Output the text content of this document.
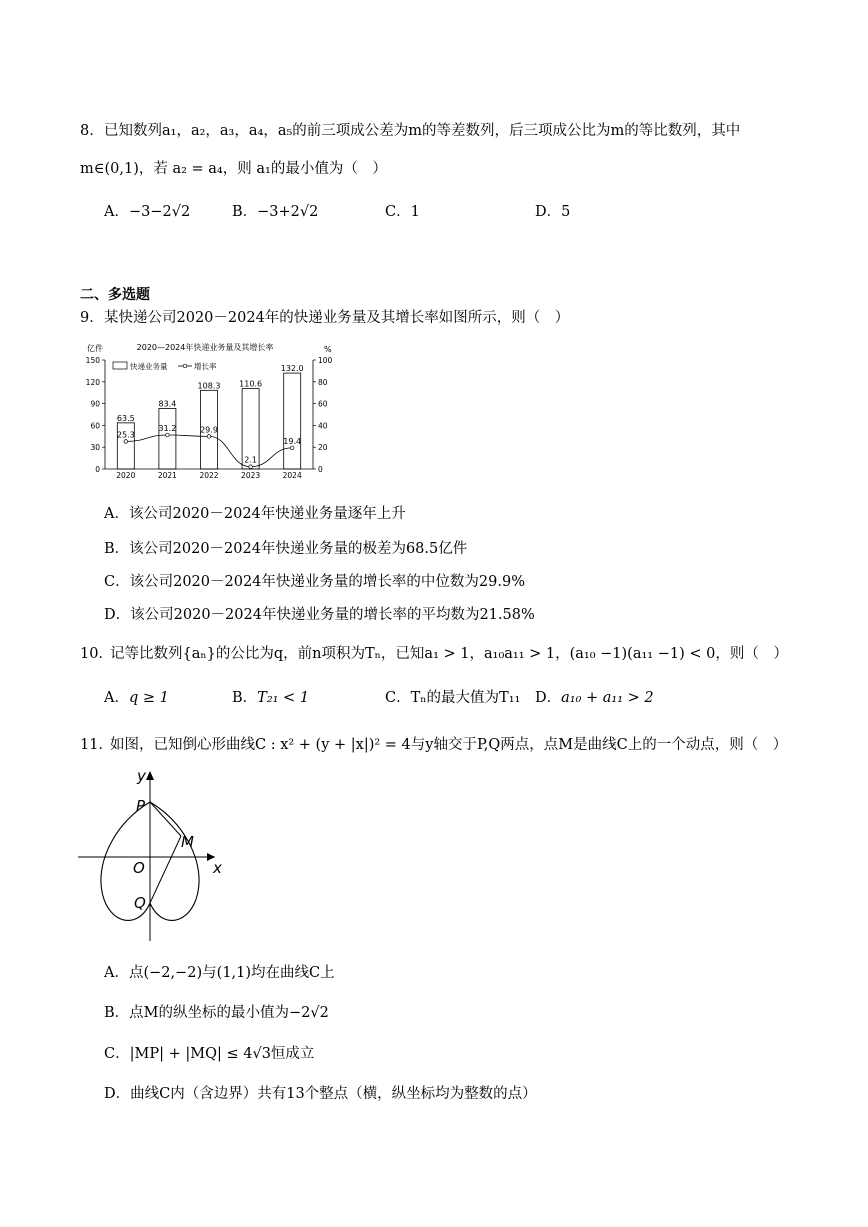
8． 已知数列a₁，a₂，a₃，a₄，a₅的前三项成公差为m的等差数列，后三项成公比为m的等比数列，其中
m∈(0,1)，若 a₂ = a₄，则 a₁的最小值为（　）
A．−3−2√2	B．−3+2√2	C．1	D．5
二、多选题
9． 某快递公司2020－2024年的快递业务量及其增长率如图所示，则（　）
2020—2024年快递业务量及其增长率
亿件	%
0
30
60
90
120
150
0
20
40
60
80
100
63.5
2020
83.4
2021
108.3
2022
110.6
2023
132.0
2024
25.3
31.2	29.9
2.1
19.4
快递业务量	增长率
A．该公司2020－2024年快递业务量逐年上升
B．该公司2020－2024年快递业务量的极差为68.5亿件
C．该公司2020－2024年快递业务量的增长率的中位数为29.9%
D．该公司2020－2024年快递业务量的增长率的平均数为21.58%
10．
记等比数列{aₙ}的公比为q，前n项积为Tₙ，已知a₁ > 1，a₁₀a₁₁ > 1，(a₁₀ −1)(a₁₁ −1) < 0，则（　）
A．q ≥ 1	B．T₂₁ < 1	C．Tₙ的最大值为T₁₁ D．a₁₀ + a₁₁ > 2
11．
如图，已知倒心形曲线C : x² + (y + |x|)² = 4与y轴交于P,Q两点，点M是曲线C上的一个动点，则（　）
y
x
P
O
Q
M
A．点(−2,−2)与(1,1)均在曲线C上
B．点M的纵坐标的最小值为−2√2
C．|MP| + |MQ| ≤ 4√3恒成立
D．曲线C内（含边界）共有13个整点（横，纵坐标均为整数的点）
